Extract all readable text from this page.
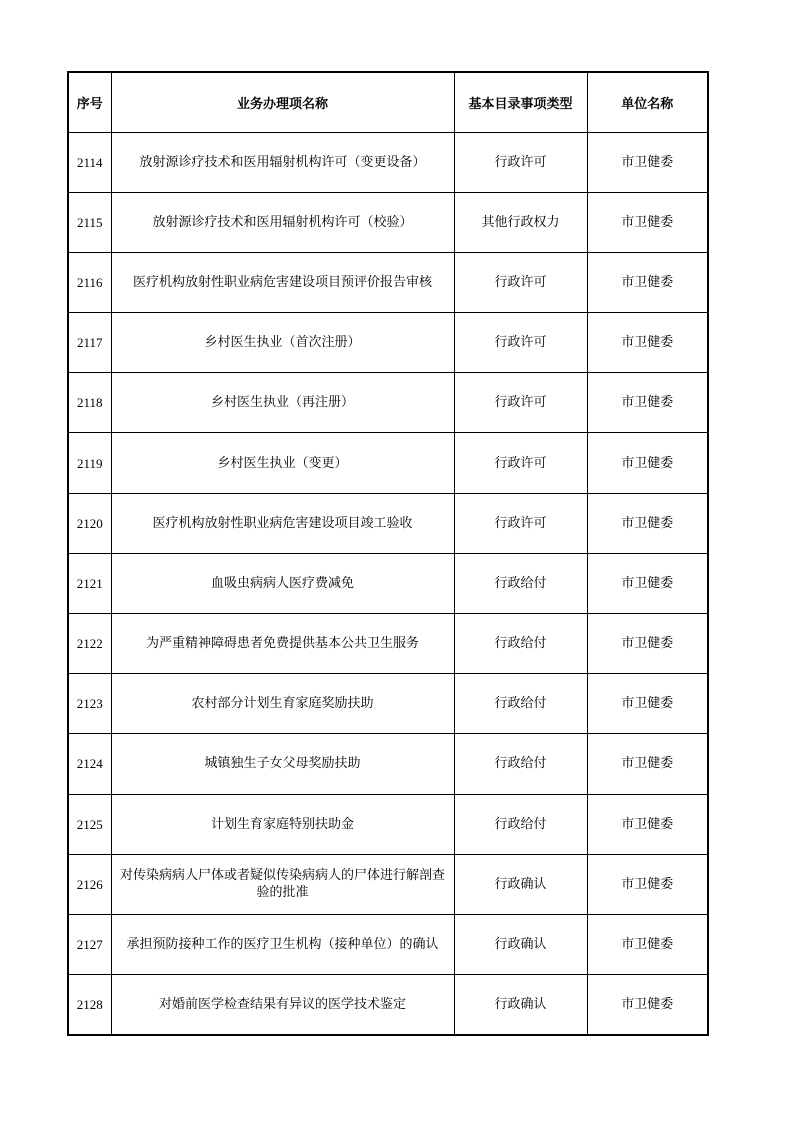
序号	业务办理项名称	基本目录事项类型	单位名称
2114	放射源诊疗技术和医用辐射机构许可（变更设备）	行政许可	市卫健委
2115	放射源诊疗技术和医用辐射机构许可（校验）	其他行政权力	市卫健委
2116	医疗机构放射性职业病危害建设项目预评价报告审核	行政许可	市卫健委
2117	乡村医生执业（首次注册）	行政许可	市卫健委
2118	乡村医生执业（再注册）	行政许可	市卫健委
2119	乡村医生执业（变更）	行政许可	市卫健委
2120	医疗机构放射性职业病危害建设项目竣工验收	行政许可	市卫健委
2121	血吸虫病病人医疗费减免	行政给付	市卫健委
2122	为严重精神障碍患者免费提供基本公共卫生服务	行政给付	市卫健委
2123	农村部分计划生育家庭奖励扶助	行政给付	市卫健委
2124	城镇独生子女父母奖励扶助	行政给付	市卫健委
2125	计划生育家庭特别扶助金	行政给付	市卫健委
2126	对传染病病人尸体或者疑似传染病病人的尸体进行解剖查验的批准	行政确认	市卫健委
2127	承担预防接种工作的医疗卫生机构（接种单位）的确认	行政确认	市卫健委
2128	对婚前医学检查结果有异议的医学技术鉴定	行政确认	市卫健委
